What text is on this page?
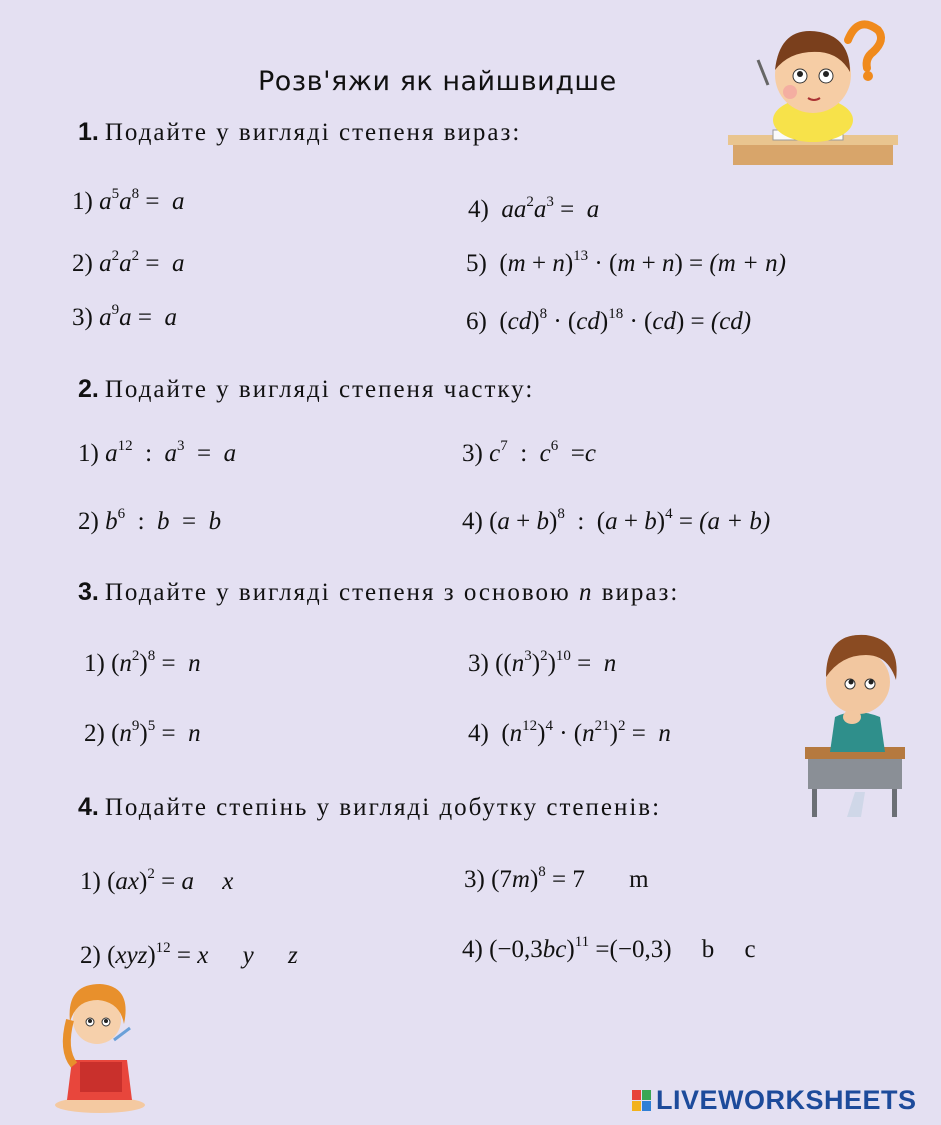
Розв'яжи як найшвидше
1. Подайте у вигляді степеня вираз:
1) $a^5a^8 = a$
2) $a^2a^2 = a$
3) $a^9a = a$
4) $aa^2a^3 = a$
5)  $(m + n)^{13} \cdot (m + n) = (m + n)$
6)  (cd)$^8$ · (cd)$^{18}$ · (cd) = (cd)
2. Подайте у вигляді степеня частку:
1) $a^{12}$  :  $a^3 = a$
2) $b^6$  :  b  =  b
3) $c^7$  :  $c^6 =c$
4) $(a + b)^8$  :  $(a + b)^4 = (a + b)$
3. Подайте у вигляді степеня з основою n вираз:
1) $(n^2)^8 = n$
2) $(n^9)^5 = n$
3) $((n^3)^2)^{10} = n$
4)  $(n^{12})^4 \cdot (n^{21})^2 = n$
4. Подайте степінь у вигляді добутку степенів:
1) (ax)$^2$ = a x
2) (xyz)$^{12}$ = x y z
3) $(7m)^8 = 7$ m
4) $(-0,3bc)^{11} =(-0,3)$ b c
LIVEWORKSHEETS
